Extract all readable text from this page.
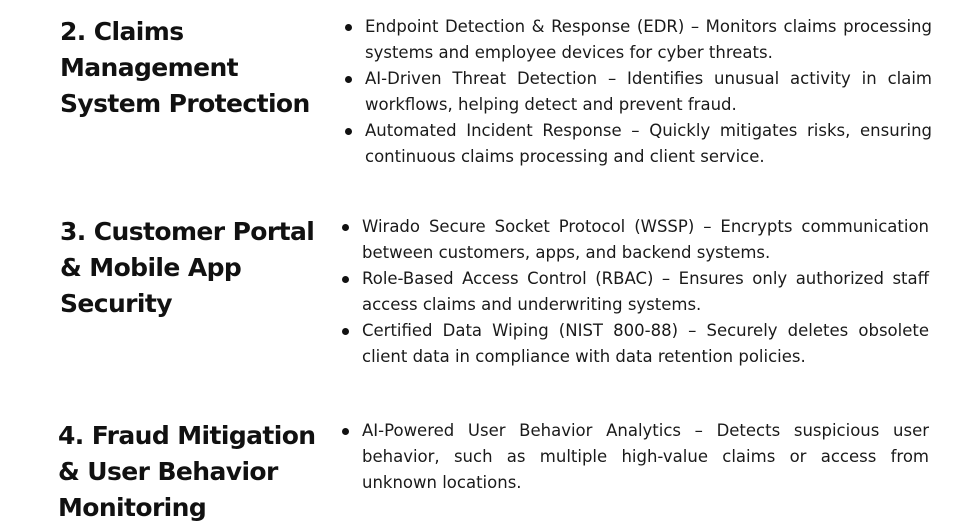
2. Claims Management System Protection
Endpoint Detection & Response (EDR) – Monitors claims processing systems and employee devices for cyber threats.
AI-Driven Threat Detection – Identifies unusual activity in claim workflows, helping detect and prevent fraud.
Automated Incident Response – Quickly mitigates risks, ensuring continuous claims processing and client service.
3. Customer Portal & Mobile App Security
Wirado Secure Socket Protocol (WSSP) – Encrypts communication between customers, apps, and backend systems.
Role-Based Access Control (RBAC) – Ensures only authorized staff access claims and underwriting systems.
Certified Data Wiping (NIST 800-88) – Securely deletes obsolete client data in compliance with data retention policies.
4. Fraud Mitigation & User Behavior Monitoring
AI-Powered User Behavior Analytics – Detects suspicious user behavior, such as multiple high-value claims or access from unknown locations.
